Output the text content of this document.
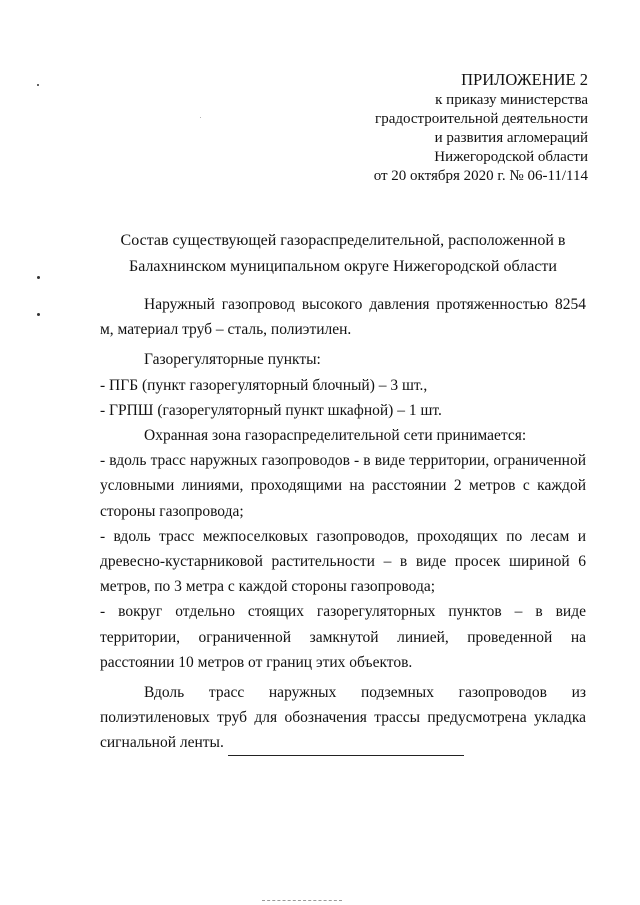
ПРИЛОЖЕНИЕ 2
к приказу министерства
градостроительной деятельности
и развития агломераций
Нижегородской области
от 20 октября 2020 г. № 06-11/114
Состав существующей газораспределительной, расположенной в
Балахнинском муниципальном округе Нижегородской области

Наружный газопровод высокого давления протяженностью 8254 м, материал труб – сталь, полиэтилен.

Газорегуляторные пункты:

- ПГБ (пункт газорегуляторный блочный) – 3 шт.,

- ГРПШ (газорегуляторный пункт шкафной) – 1 шт.

Охранная зона газораспределительной сети принимается:

- вдоль трасс наружных газопроводов - в виде территории, ограниченной условными линиями, проходящими на расстоянии 2 метров с каждой стороны газопровода;

- вдоль трасс межпоселковых газопроводов, проходящих по лесам и древесно-кустарниковой растительности – в виде просек шириной 6 метров, по 3 метра с каждой стороны газопровода;

- вокруг отдельно стоящих газорегуляторных пунктов – в виде территории, ограниченной замкнутой линией, проведенной на расстоянии 10 метров от границ этих объектов.

Вдоль трасс наружных подземных газопроводов из полиэтиленовых труб для обозначения трассы предусмотрена укладка сигнальной ленты.
